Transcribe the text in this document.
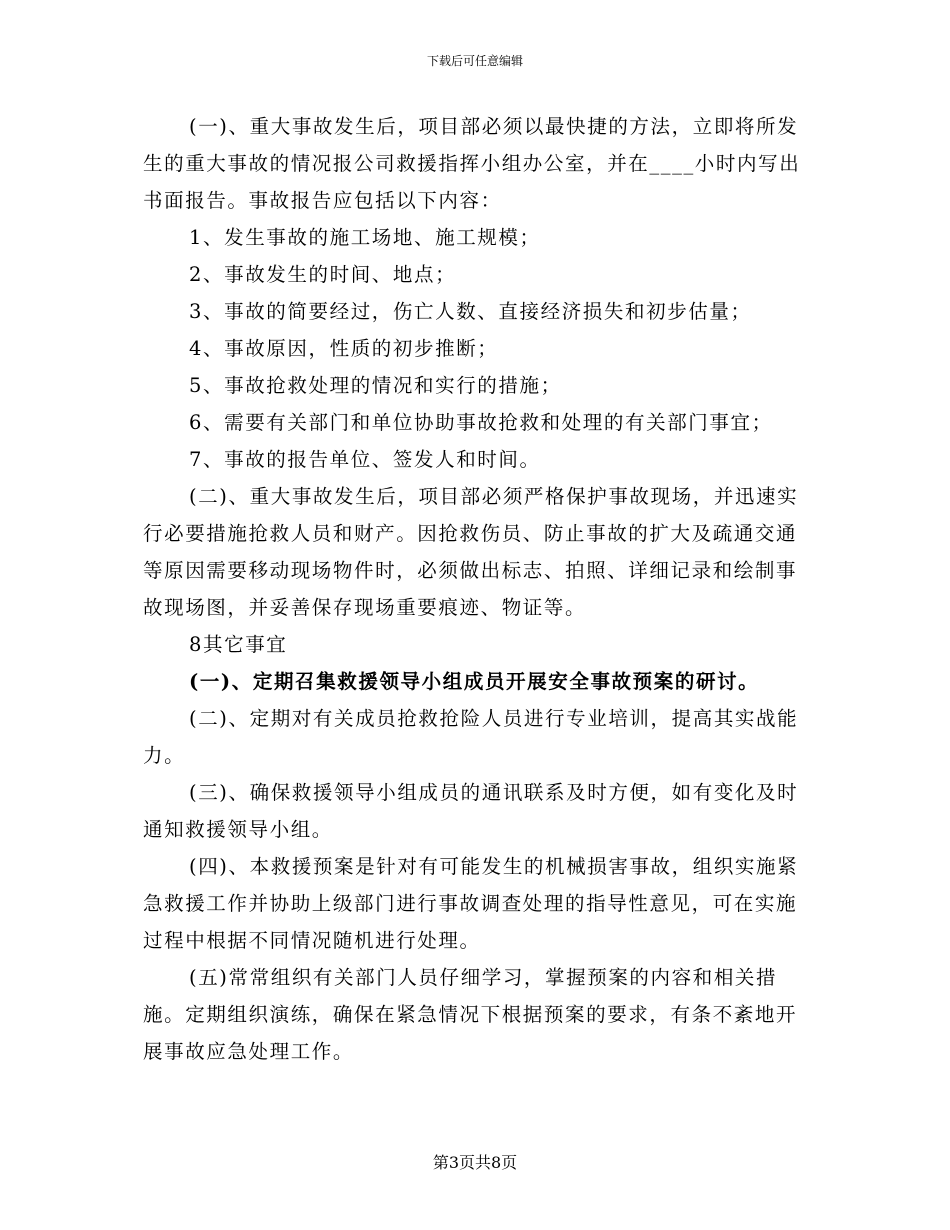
下载后可任意编辑

(一)、重大事故发生后，项目部必须以最快捷的方法，立即将所发生的重大事故的情况报公司救援指挥小组办公室，并在____小时内写出书面报告。事故报告应包括以下内容：

1、发生事故的施工场地、施工规模；

2、事故发生的时间、地点；

3、事故的简要经过，伤亡人数、直接经济损失和初步估量；

4、事故原因，性质的初步推断；

5、事故抢救处理的情况和实行的措施；

6、需要有关部门和单位协助事故抢救和处理的有关部门事宜；

7、事故的报告单位、签发人和时间。

(二)、重大事故发生后，项目部必须严格保护事故现场，并迅速实行必要措施抢救人员和财产。因抢救伤员、防止事故的扩大及疏通交通等原因需要移动现场物件时，必须做出标志、拍照、详细记录和绘制事故现场图，并妥善保存现场重要痕迹、物证等。

8其它事宜

(一)、定期召集救援领导小组成员开展安全事故预案的研讨。

(二)、定期对有关成员抢救抢险人员进行专业培训，提高其实战能力。

(三)、确保救援领导小组成员的通讯联系及时方便，如有变化及时通知救援领导小组。

(四)、本救援预案是针对有可能发生的机械损害事故，组织实施紧急救援工作并协助上级部门进行事故调查处理的指导性意见，可在实施过程中根据不同情况随机进行处理。

(五)常常组织有关部门人员仔细学习，掌握预案的内容和相关措施。定期组织演练，确保在紧急情况下根据预案的要求，有条不紊地开展事故应急处理工作。

第3页共8页
